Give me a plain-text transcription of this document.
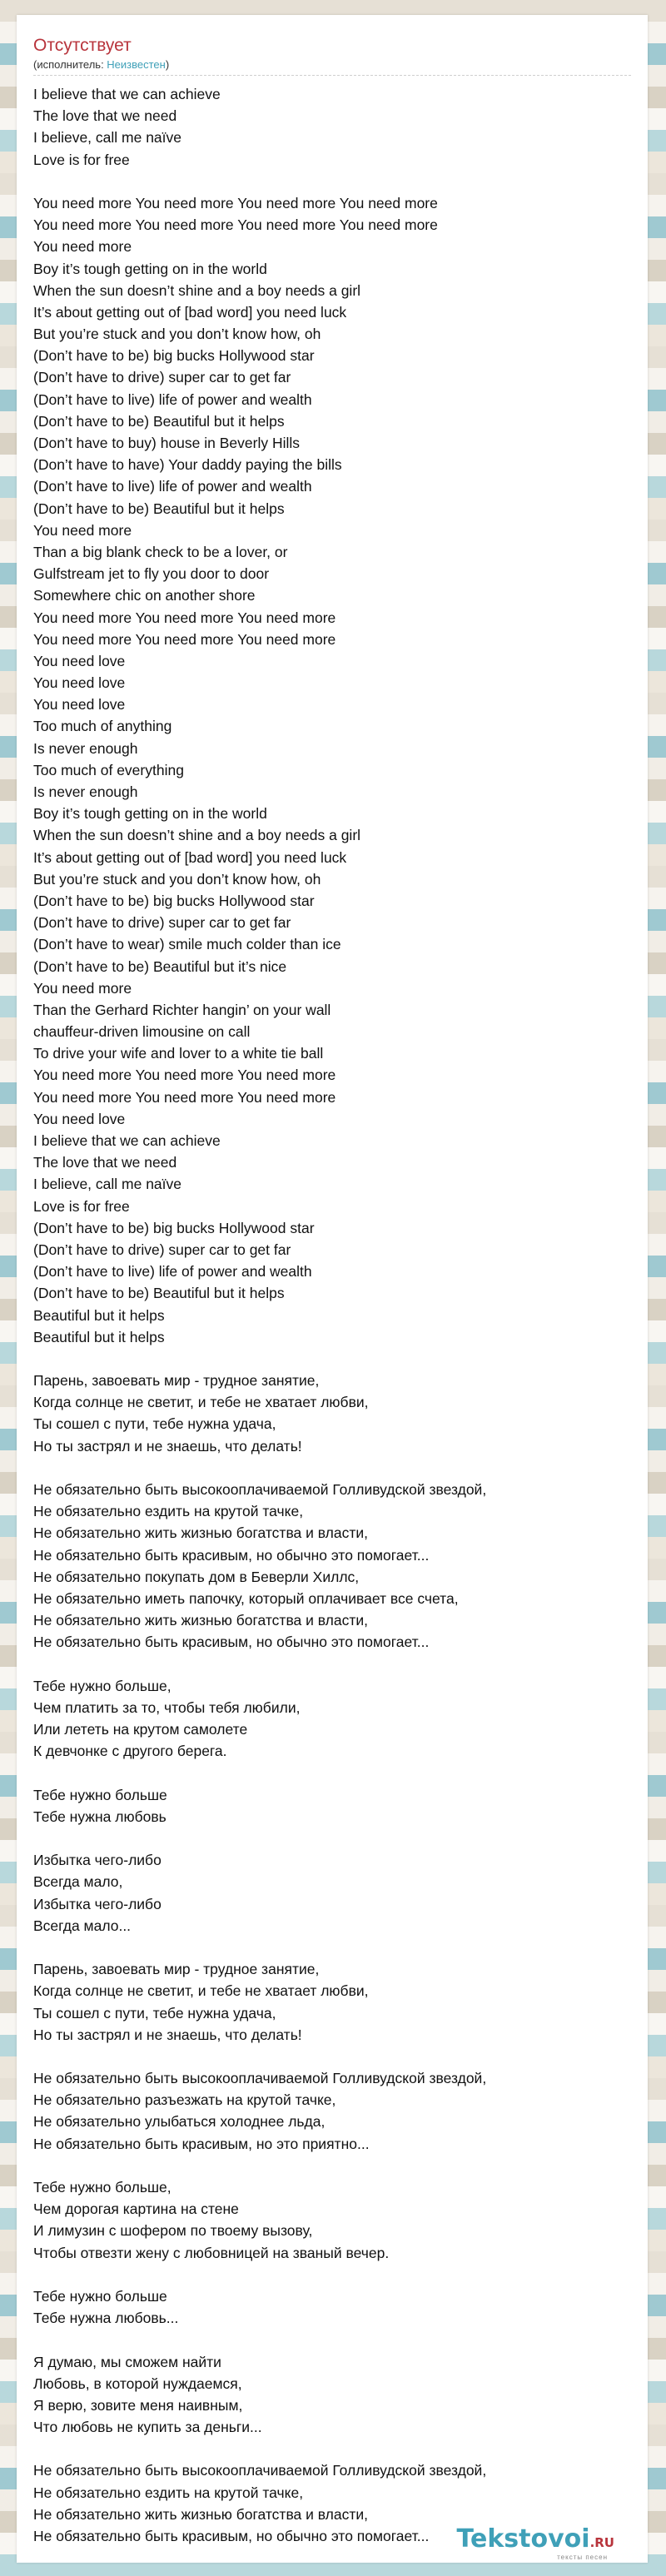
Отсутствует
(исполнитель: Неизвестен)
I believe that we can achieve
The love that we need
I believe, call me naïve
Love is for free
You need more You need more You need more You need more
You need more You need more You need more You need more
You need more
Boy it’s tough getting on in the world
When the sun doesn’t shine and a boy needs a girl
It’s about getting out of [bad word] you need luck
But you’re stuck and you don’t know how, oh
(Don’t have to be) big bucks Hollywood star
(Don’t have to drive) super car to get far
(Don’t have to live) life of power and wealth
(Don’t have to be) Beautiful but it helps
(Don’t have to buy) house in Beverly Hills
(Don’t have to have) Your daddy paying the bills
(Don’t have to live) life of power and wealth
(Don’t have to be) Beautiful but it helps
You need more
Than a big blank check to be a lover, or
Gulfstream jet to fly you door to door
Somewhere chic on another shore
You need more You need more You need more
You need more You need more You need more
You need love
You need love
You need love
Too much of anything
Is never enough
Too much of everything
Is never enough
Boy it’s tough getting on in the world
When the sun doesn’t shine and a boy needs a girl
It’s about getting out of [bad word] you need luck
But you’re stuck and you don’t know how, oh
(Don’t have to be) big bucks Hollywood star
(Don’t have to drive) super car to get far
(Don’t have to wear) smile much colder than ice
(Don’t have to be) Beautiful but it’s nice
You need more
Than the Gerhard Richter hangin’ on your wall
chauffeur-driven limousine on call
To drive your wife and lover to a white tie ball
You need more You need more You need more
You need more You need more You need more
You need love
I believe that we can achieve
The love that we need
I believe, call me naïve
Love is for free
(Don’t have to be) big bucks Hollywood star
(Don’t have to drive) super car to get far
(Don’t have to live) life of power and wealth
(Don’t have to be) Beautiful but it helps
Beautiful but it helps
Beautiful but it helps
Парень, завоевать мир - трудное занятие,
Когда солнце не светит, и тебе не хватает любви,
Ты сошел с пути, тебе нужна удача,
Но ты застрял и не знаешь, что делать!
Не обязательно быть высокооплачиваемой Голливудской звездой,
Не обязательно ездить на крутой тачке,
Не обязательно жить жизнью богатства и власти,
Не обязательно быть красивым, но обычно это помогает...
Не обязательно покупать дом в Беверли Хиллс,
Не обязательно иметь папочку, который оплачивает все счета,
Не обязательно жить жизнью богатства и власти,
Не обязательно быть красивым, но обычно это помогает...
Тебе нужно больше,
Чем платить за то, чтобы тебя любили,
Или лететь на крутом самолете
К девчонке с другого берега.
Тебе нужно больше
Тебе нужна любовь
Избытка чего-либо
Всегда мало,
Избытка чего-либо
Всегда мало...
Парень, завоевать мир - трудное занятие,
Когда солнце не светит, и тебе не хватает любви,
Ты сошел с пути, тебе нужна удача,
Но ты застрял и не знаешь, что делать!
Не обязательно быть высокооплачиваемой Голливудской звездой,
Не обязательно разъезжать на крутой тачке,
Не обязательно улыбаться холоднее льда,
Не обязательно быть красивым, но это приятно...
Тебе нужно больше,
Чем дорогая картина на стене
И лимузин с шофером по твоему вызову,
Чтобы отвезти жену с любовницей на званый вечер.
Тебе нужно больше
Тебе нужна любовь...
Я думаю, мы сможем найти
Любовь, в которой нуждаемся,
Я верю, зовите меня наивным,
Что любовь не купить за деньги...
Не обязательно быть высокооплачиваемой Голливудской звездой,
Не обязательно ездить на крутой тачке,
Не обязательно жить жизнью богатства и власти,
Не обязательно быть красивым, но обычно это помогает...	Tekstovoi.RU
тексты песен
